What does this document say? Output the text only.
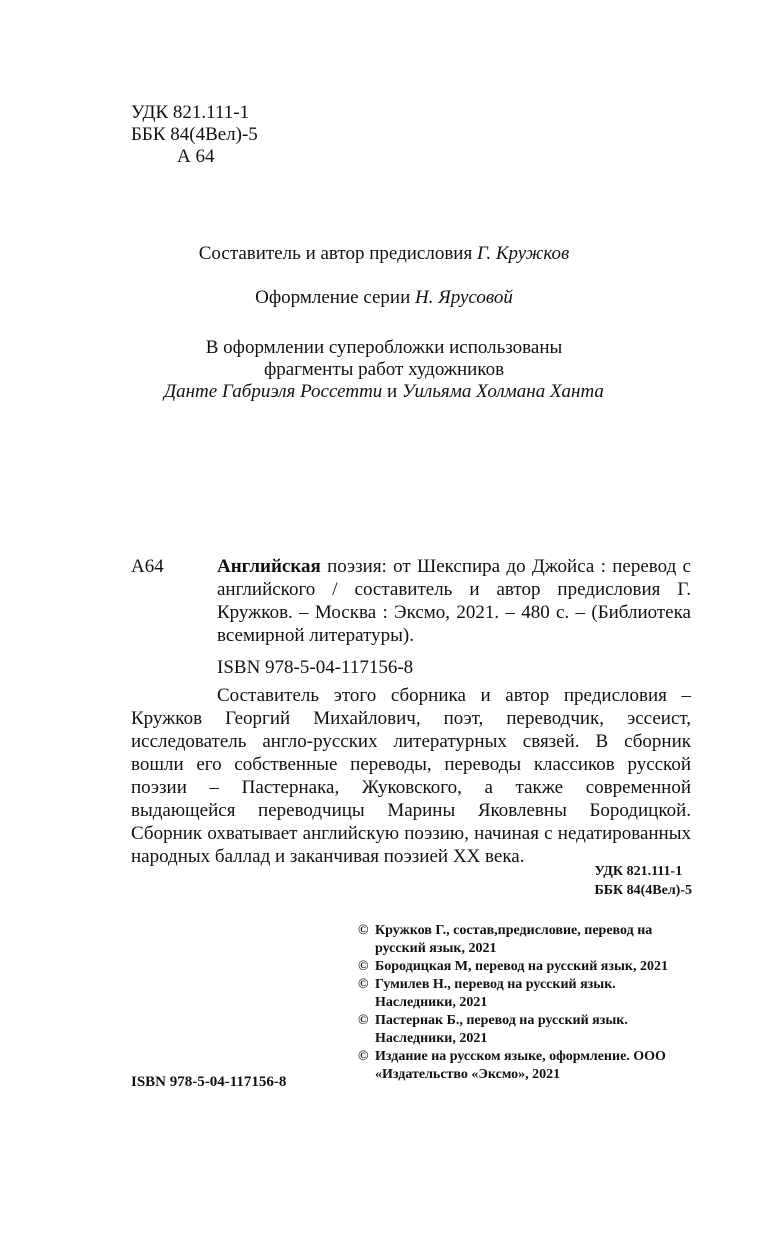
УДК 821.111-1
ББК 84(4Вел)-5
А 64
Составитель и автор предисловия Г. Кружков
Оформление серии Н. Ярусовой
В оформлении суперобложки использованы
фрагменты работ художников
Данте Габриэля Россетти и Уильяма Холмана Ханта
А64	Английская поэзия: от Шекспира до Джойса : перевод с английского / составитель и автор предисловия Г. Кружков. – Москва : Эксмо, 2021. – 480 с. – (Библиотека всемирной литературы).
ISBN 978-5-04-117156-8
Составитель этого сборника и автор предисловия – Кружков Георгий Михайлович, поэт, переводчик, эссеист, исследователь англо-русских литературных связей. В сборник вошли его собственные переводы, переводы классиков русской поэзии – Пастернака, Жуковского, а также современной выдающейся переводчицы Марины Яковлевны Бородицкой. Сборник охватывает английскую поэзию, начиная с недатированных народных баллад и заканчивая поэзией XX века.
УДК 821.111-1
ББК 84(4Вел)-5
© Кружков Г., состав,предисловие, перевод на русский язык, 2021
© Бородицкая М, перевод на русский язык, 2021
© Гумилев Н., перевод на русский язык. Наследники, 2021
© Пастернак Б., перевод на русский язык. Наследники, 2021
© Издание на русском языке, оформление. ООО «Издательство «Эксмо», 2021
ISBN 978-5-04-117156-8
